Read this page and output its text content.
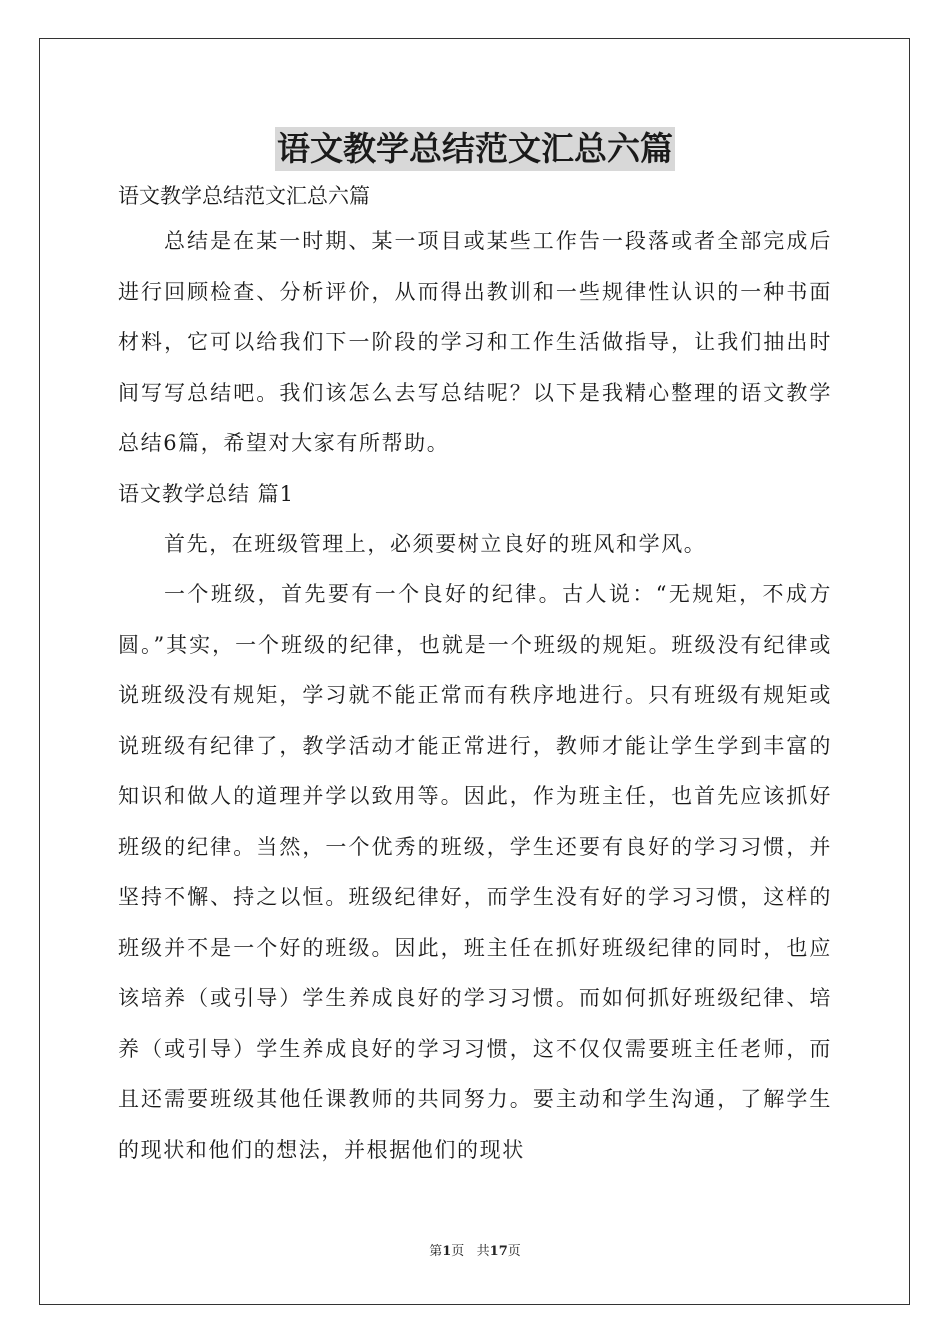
语文教学总结范文汇总六篇
语文教学总结范文汇总六篇
总结是在某一时期、某一项目或某些工作告一段落或者全部完成后进行回顾检查、分析评价，从而得出教训和一些规律性认识的一种书面材料，它可以给我们下一阶段的学习和工作生活做指导，让我们抽出时间写写总结吧。我们该怎么去写总结呢？以下是我精心整理的语文教学总结6篇，希望对大家有所帮助。
语文教学总结 篇1
首先，在班级管理上，必须要树立良好的班风和学风。
一个班级，首先要有一个良好的纪律。古人说：“无规矩，不成方圆。”其实，一个班级的纪律，也就是一个班级的规矩。班级没有纪律或说班级没有规矩，学习就不能正常而有秩序地进行。只有班级有规矩或说班级有纪律了，教学活动才能正常进行，教师才能让学生学到丰富的知识和做人的道理并学以致用等。因此，作为班主任，也首先应该抓好班级的纪律。当然，一个优秀的班级，学生还要有良好的学习习惯，并坚持不懈、持之以恒。班级纪律好，而学生没有好的学习习惯，这样的班级并不是一个好的班级。因此，班主任在抓好班级纪律的同时，也应该培养（或引导）学生养成良好的学习习惯。而如何抓好班级纪律、培养（或引导）学生养成良好的学习习惯，这不仅仅需要班主任老师，而且还需要班级其他任课教师的共同努力。要主动和学生沟通，了解学生的现状和他们的想法，并根据他们的现状
第1页   共17页
